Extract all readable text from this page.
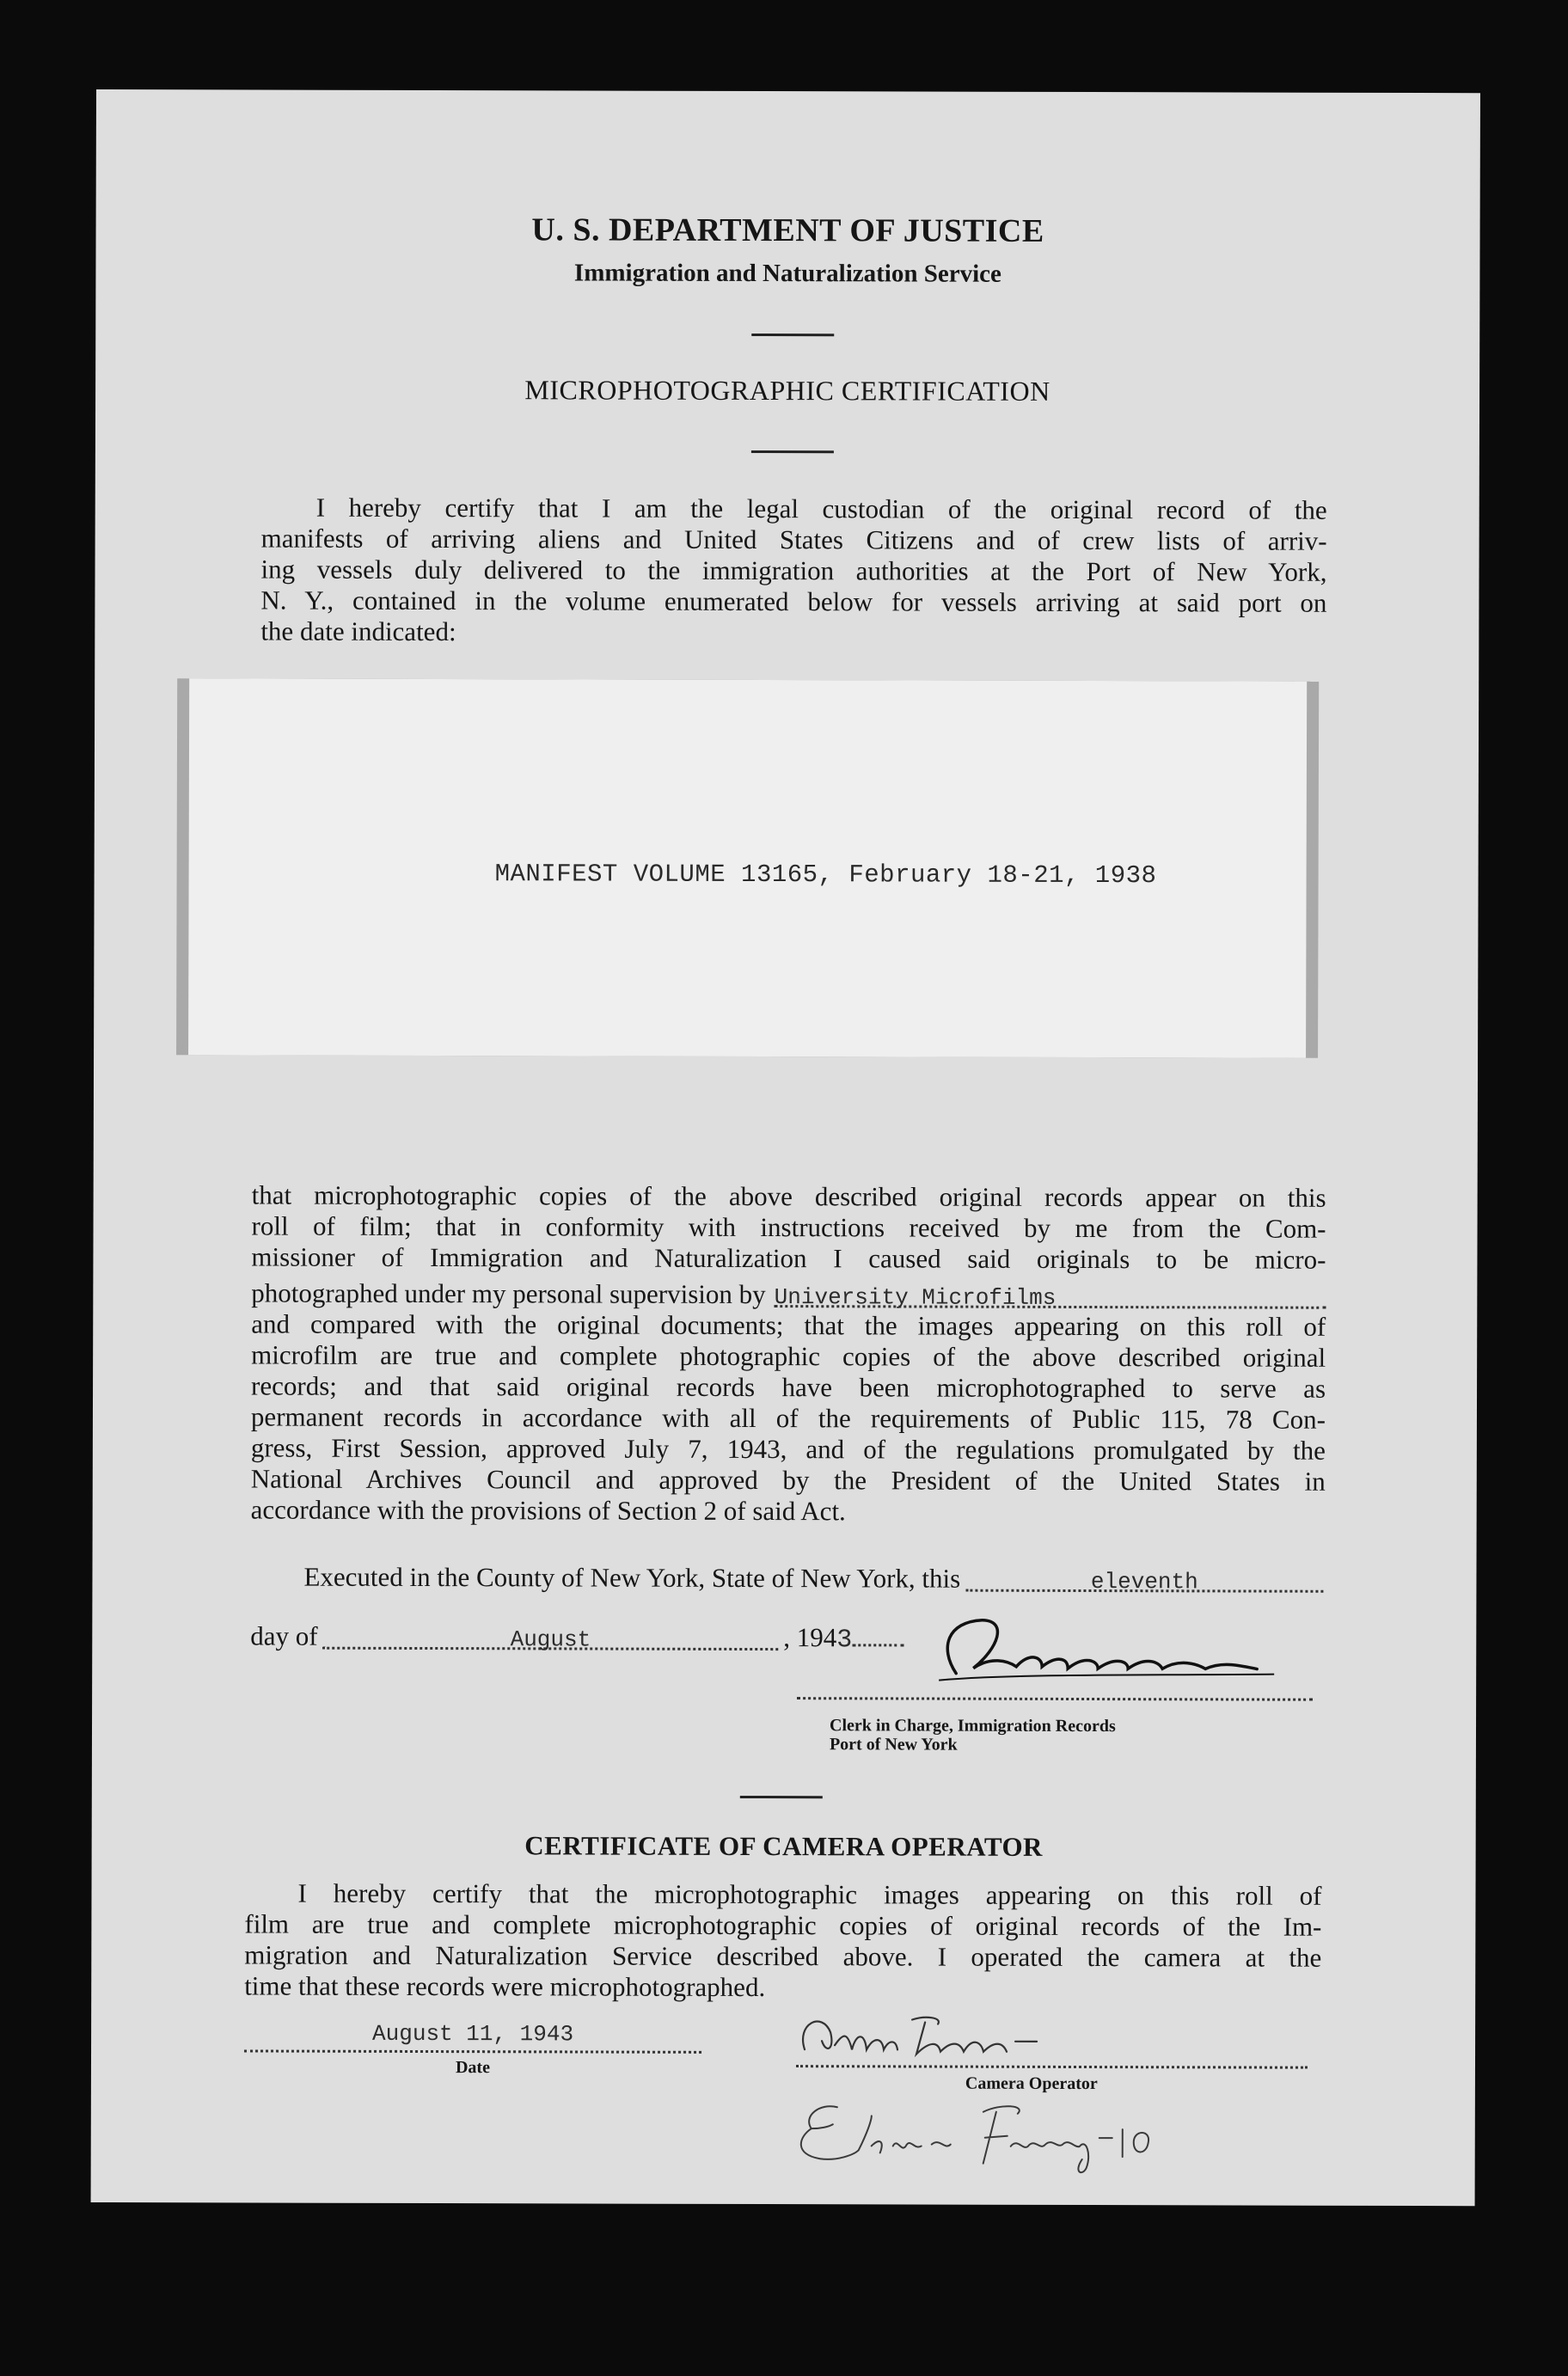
U. S. DEPARTMENT OF JUSTICE
Immigration and Naturalization Service
MICROPHOTOGRAPHIC CERTIFICATION
I hereby certify that I am the legal custodian of the original record of the
manifests of arriving aliens and United States Citizens and of crew lists of arriv-
ing vessels duly delivered to the immigration authorities at the Port of New York,
N. Y., contained in the volume enumerated below for vessels arriving at said port on
the date indicated:
MANIFEST VOLUME 13165, February 18-21, 1938
that microphotographic copies of the above described original records appear on this
roll of film; that in conformity with instructions received by me from the Com-
missioner of Immigration and Naturalization I caused said originals to be micro-
photographed under my personal supervision by University Microfilms
and compared with the original documents; that the images appearing on this roll of
microfilm are true and complete photographic copies of the above described original
records; and that said original records have been microphotographed to serve as
permanent records in accordance with all of the requirements of Public 115, 78 Con-
gress, First Session, approved July 7, 1943, and of the regulations promulgated by the
National Archives Council and approved by the President of the United States in
accordance with the provisions of Section 2 of said Act.
Executed in the County of New York, State of New York, this	eleventh
day of	August	, 194 3
Clerk in Charge, Immigration Records
Port of New York
CERTIFICATE OF CAMERA OPERATOR
I hereby certify that the microphotographic images appearing on this roll of
film are true and complete microphotographic copies of original records of the Im-
migration and Naturalization Service described above. I operated the camera at the
time that these records were microphotographed.
August 11, 1943
Date
Camera Operator
